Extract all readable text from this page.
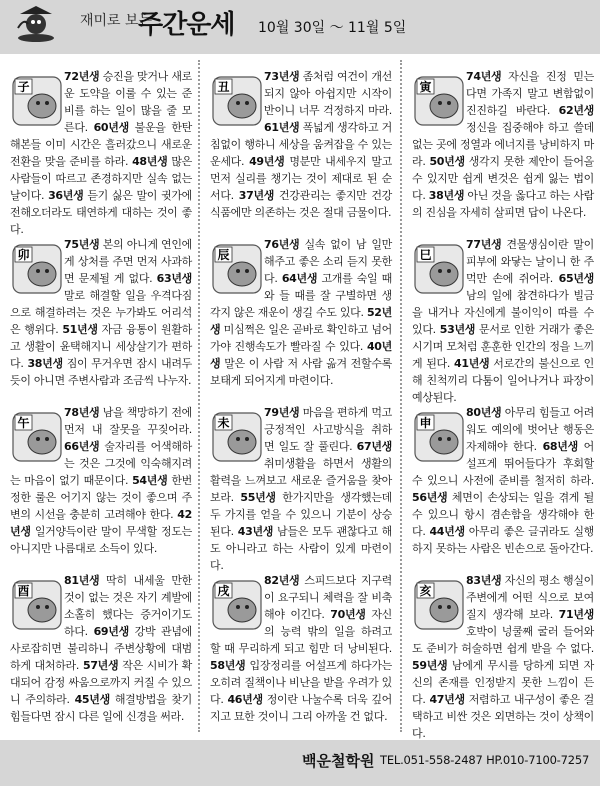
재미로 보는
주간운세 10월 30일 ～ 11월 5일
子

72년생 승진을 맞거나 새로운 도약을 이룰 수 있는 준비를 하는 일이 많을 줄 모른다. 60년생 불운을 한탄해본들 이미 시간은 흘러갔으니 새로운 전환을 맞을 준비를 하라. 48년생 많은 사람들이 따르고 존경하지만 실속 없는 날이다. 36년생 듣기 싫은 말이 귓가에 전해오더라도 태연하게 대하는 것이 좋다.

丑

73년생 좀처럼 여건이 개선되지 않아 아쉽지만 시작이 반이니 너무 걱정하지 마라. 61년생 폭넓게 생각하고 거침없이 행하니 세상을 움켜잡을 수 있는 운세다. 49년생 명분만 내세우지 말고 먼저 실리를 챙기는 것이 제대로 된 순서다. 37년생 건강관리는 좋지만 건강식품에만 의존하는 것은 절대 금물이다.

寅

74년생 자신을 진정 믿는 다면 가족지 말고 변함없이 진진하길 바란다. 62년생 정신을 집중해야 하고 쓸데없는 곳에 정열과 에너지를 낭비하지 마라. 50년생 생각지 못한 제안이 들어올 수 있지만 쉽게 변것은 쉽게 잃는 법이다. 38년생 아닌 것을 옳다고 하는 사람의 진심을 자세히 살피면 답이 나온다.

卯

75년생 본의 아니게 연인에게 상처를 주면 먼저 사과하면 문제될 게 없다. 63년생 말로 해결할 일을 우격다짐으로 해결하려는 것은 누가봐도 어리석은 행위다. 51년생 자금 융통이 원활하고 생활이 윤택해지니 세상살기가 편하다. 38년생 짐이 무거우면 잠시 내려두듯이 아니면 주변사람과 조금씩 나누자.

辰

76년생 실속 없이 남 일만 해주고 좋은 소리 듣지 못한다. 64년생 고개를 숙일 때와 들 때를 잘 구별하면 생각지 않은 재운이 생길 수도 있다. 52년생 미심쩍은 일은 곧바로 확인하고 넘어가야 진행속도가 빨라질 수 있다. 40년생 말은 이 사람 저 사람 옮겨 전할수록 보태게 되어지게 마련이다.

巳

77년생 견물생심이란 말이 피부에 와닿는 날이니 한 주먹만 손에 쥐어라. 65년생 남의 일에 참견하다가 빌금을 내거나 자신에게 불이익이 따를 수 있다. 53년생 문서로 인한 거래가 좋은 시기며 모처럼 훈훈한 인간의 정을 느끼게 된다. 41년생 서로간의 불신으로 인해 친척끼리 다툼이 일어나거나 파장이 예상된다.

午

78년생 남을 책망하기 전에 먼저 내 잘못을 꾸짖어라. 66년생 술자리를 어색해하는 것은 그것에 익숙해지려는 마음이 없기 때문이다. 54년생 한번 정한 룰은 어기지 않는 것이 좋으며 주변의 시선을 충분히 고려해야 한다. 42년생 일거양득이란 말이 무색할 정도는 아니지만 나름대로 소득이 있다.

未

79년생 마음을 편하게 먹고 긍정적인 사고방식을 취하면 일도 잘 풀린다. 67년생 취미생활을 하면서 생활의 활력을 느껴보고 새로운 즐거움을 찾아 보라. 55년생 한가지만을 생각했는데 두 가지를 얻을 수 있으니 기분이 상승된다. 43년생 남들은 모두 괜찮다고 해도 아니라고 하는 사람이 있게 마련이다.

申

80년생 아무리 힘들고 어려워도 예의에 벗어난 행동은 자제해야 한다. 68년생 어설프게 뛰어들다가 후회할 수 있으니 사전에 준비를 철저히 하라. 56년생 체면이 손상되는 일을 겪게 될 수 있으니 항시 겸손함을 생각해야 한다. 44년생 아무리 좋은 글귀라도 실행하지 못하는 사람은 빈손으로 돌아간다.

酉

81년생 딱히 내세울 만한 것이 없는 것은 자기 계발에 소홀히 했다는 증거이기도 하다. 69년생 강박 관념에 사로잡히면 불리하니 주변상황에 대범하게 대처하라. 57년생 작은 시비가 확대되어 감정 싸움으로까지 커질 수 있으니 주의하라. 45년생 해결방법을 찾기 힘들다면 잠시 다른 일에 신경을 써라.

戌

82년생 스피드보다 지구력이 요구되니 체력을 잘 비축해야 이긴다. 70년생 자신의 능력 밖의 일을 하려고 할 때 무리하게 되고 힘만 더 낭비된다. 58년생 입장정리를 어설프게 하다가는 오히려 질책이나 비난을 받을 우려가 있다. 46년생 정이란 나눌수록 더욱 깊어지고 묘한 것이니 그리 아까울 건 없다.

亥

83년생 자신의 평소 행실이 주변에게 어떤 식으로 보여질지 생각해 보라. 71년생 호박이 넝쿨째 굴러 들어와도 준비가 허술하면 쉽게 받을 수 없다. 59년생 남에게 무시를 당하게 되면 자신의 존재를 인정받지 못한 느낌이 든다. 47년생 저렴하고 내구성이 좋은 걸 택하고 비싼 것은 외면하는 것이 상책이다.

백운철학원 TEL.051-558-2487 HP.010-7100-7257
